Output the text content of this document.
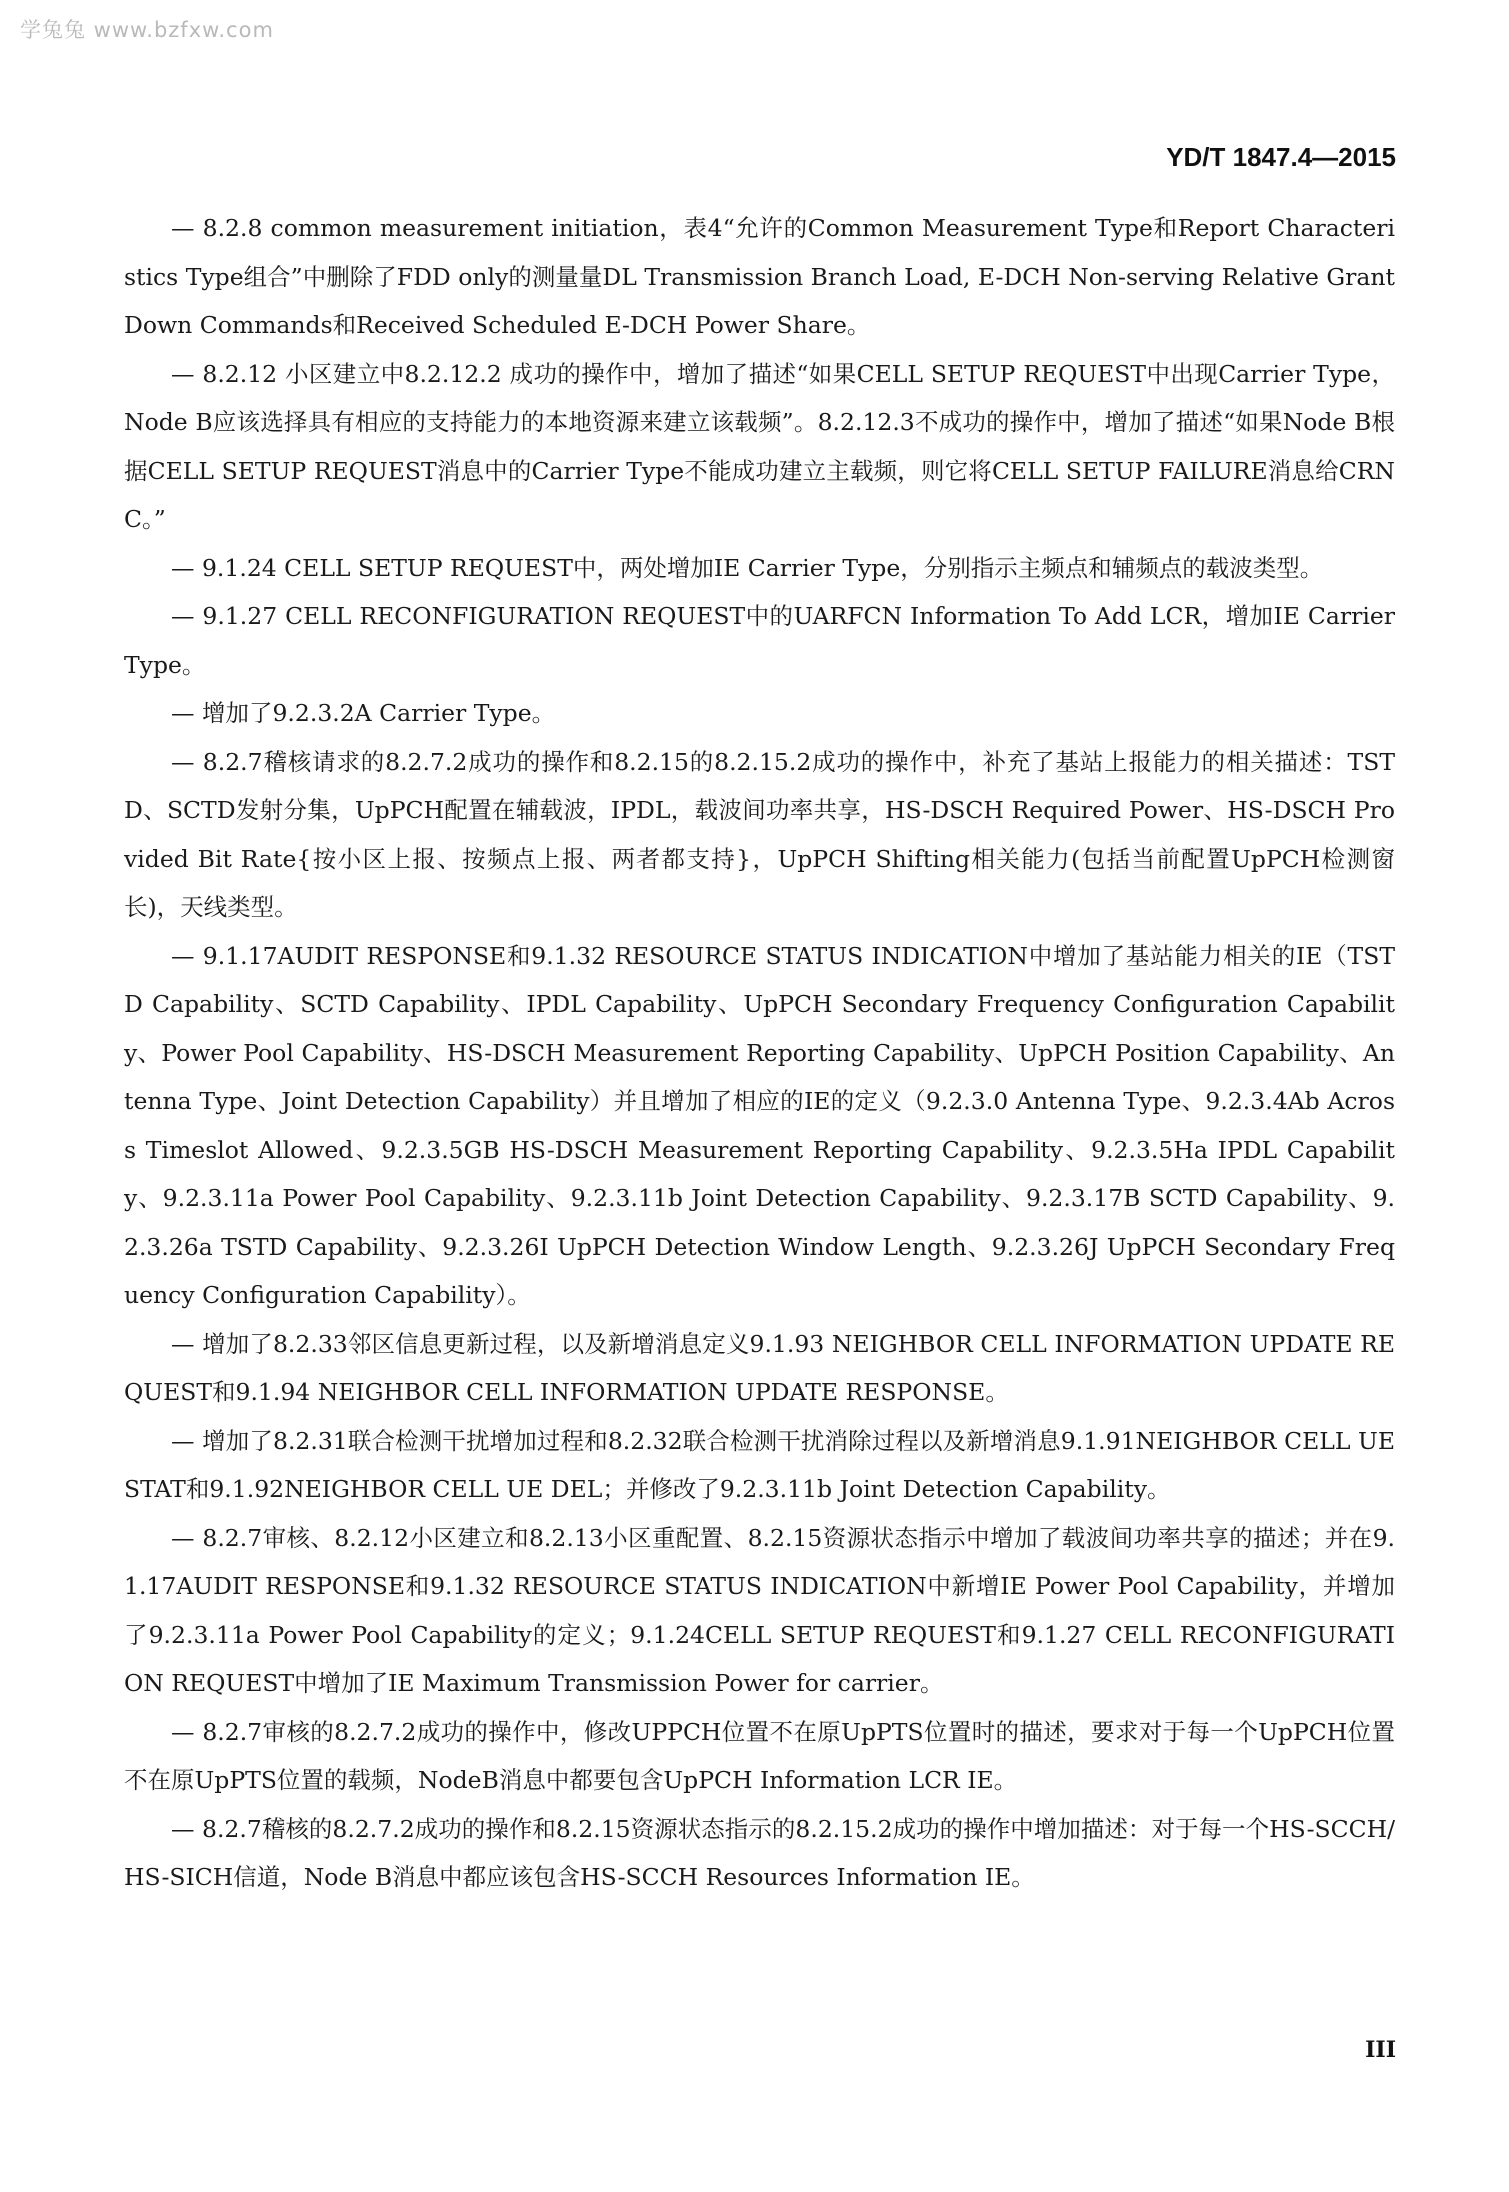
学兔兔 www.bzfxw.com
YD/T 1847.4—2015

— 8.2.8 common measurement initiation，表4“允许的Common Measurement Type和Report Characteristics Type组合”中删除了FDD only的测量量DL Transmission Branch Load, E-DCH Non-serving Relative Grant Down Commands和Received Scheduled E-DCH Power Share。

— 8.2.12 小区建立中8.2.12.2 成功的操作中，增加了描述“如果CELL SETUP REQUEST中出现Carrier Type，Node B应该选择具有相应的支持能力的本地资源来建立该载频”。8.2.12.3不成功的操作中，增加了描述“如果Node B根据CELL SETUP REQUEST消息中的Carrier Type不能成功建立主载频，则它将CELL SETUP FAILURE消息给CRNC。”

— 9.1.24 CELL SETUP REQUEST中，两处增加IE Carrier Type，分别指示主频点和辅频点的载波类型。

— 9.1.27 CELL RECONFIGURATION REQUEST中的UARFCN Information To Add LCR，增加IE Carrier Type。

— 增加了9.2.3.2A Carrier Type。

— 8.2.7稽核请求的8.2.7.2成功的操作和8.2.15的8.2.15.2成功的操作中，补充了基站上报能力的相关描述：TSTD、SCTD发射分集，UpPCH配置在辅载波，IPDL，载波间功率共享，HS-DSCH Required Power、HS-DSCH Provided Bit Rate{按小区上报、按频点上报、两者都支持}，UpPCH Shifting相关能力(包括当前配置UpPCH检测窗长)，天线类型。

— 9.1.17AUDIT RESPONSE和9.1.32 RESOURCE STATUS INDICATION中增加了基站能力相关的IE（TSTD Capability、SCTD Capability、IPDL Capability、UpPCH Secondary Frequency Configuration Capability、Power Pool Capability、HS-DSCH Measurement Reporting Capability、UpPCH Position Capability、Antenna Type、Joint Detection Capability）并且增加了相应的IE的定义（9.2.3.0 Antenna Type、9.2.3.4Ab Across Timeslot Allowed、9.2.3.5GB HS-DSCH Measurement Reporting Capability、9.2.3.5Ha IPDL Capability、9.2.3.11a Power Pool Capability、9.2.3.11b Joint Detection Capability、9.2.3.17B SCTD Capability、9.2.3.26a TSTD Capability、9.2.3.26I UpPCH Detection Window Length、9.2.3.26J UpPCH Secondary Frequency Configuration Capability）。

— 增加了8.2.33邻区信息更新过程，以及新增消息定义9.1.93 NEIGHBOR CELL INFORMATION UPDATE REQUEST和9.1.94 NEIGHBOR CELL INFORMATION UPDATE RESPONSE。

— 增加了8.2.31联合检测干扰增加过程和8.2.32联合检测干扰消除过程以及新增消息9.1.91NEIGHBOR CELL UE STAT和9.1.92NEIGHBOR CELL UE DEL；并修改了9.2.3.11b Joint Detection Capability。

— 8.2.7审核、8.2.12小区建立和8.2.13小区重配置、8.2.15资源状态指示中增加了载波间功率共享的描述；并在9.1.17AUDIT RESPONSE和9.1.32 RESOURCE STATUS INDICATION中新增IE Power Pool Capability，并增加了9.2.3.11a Power Pool Capability的定义；9.1.24CELL SETUP REQUEST和9.1.27 CELL RECONFIGURATION REQUEST中增加了IE Maximum Transmission Power for carrier。

— 8.2.7审核的8.2.7.2成功的操作中，修改UPPCH位置不在原UpPTS位置时的描述，要求对于每一个UpPCH位置不在原UpPTS位置的载频，NodeB消息中都要包含UpPCH Information LCR IE。

— 8.2.7稽核的8.2.7.2成功的操作和8.2.15资源状态指示的8.2.15.2成功的操作中增加描述：对于每一个HS-SCCH/HS-SICH信道，Node B消息中都应该包含HS-SCCH Resources Information IE。

III
